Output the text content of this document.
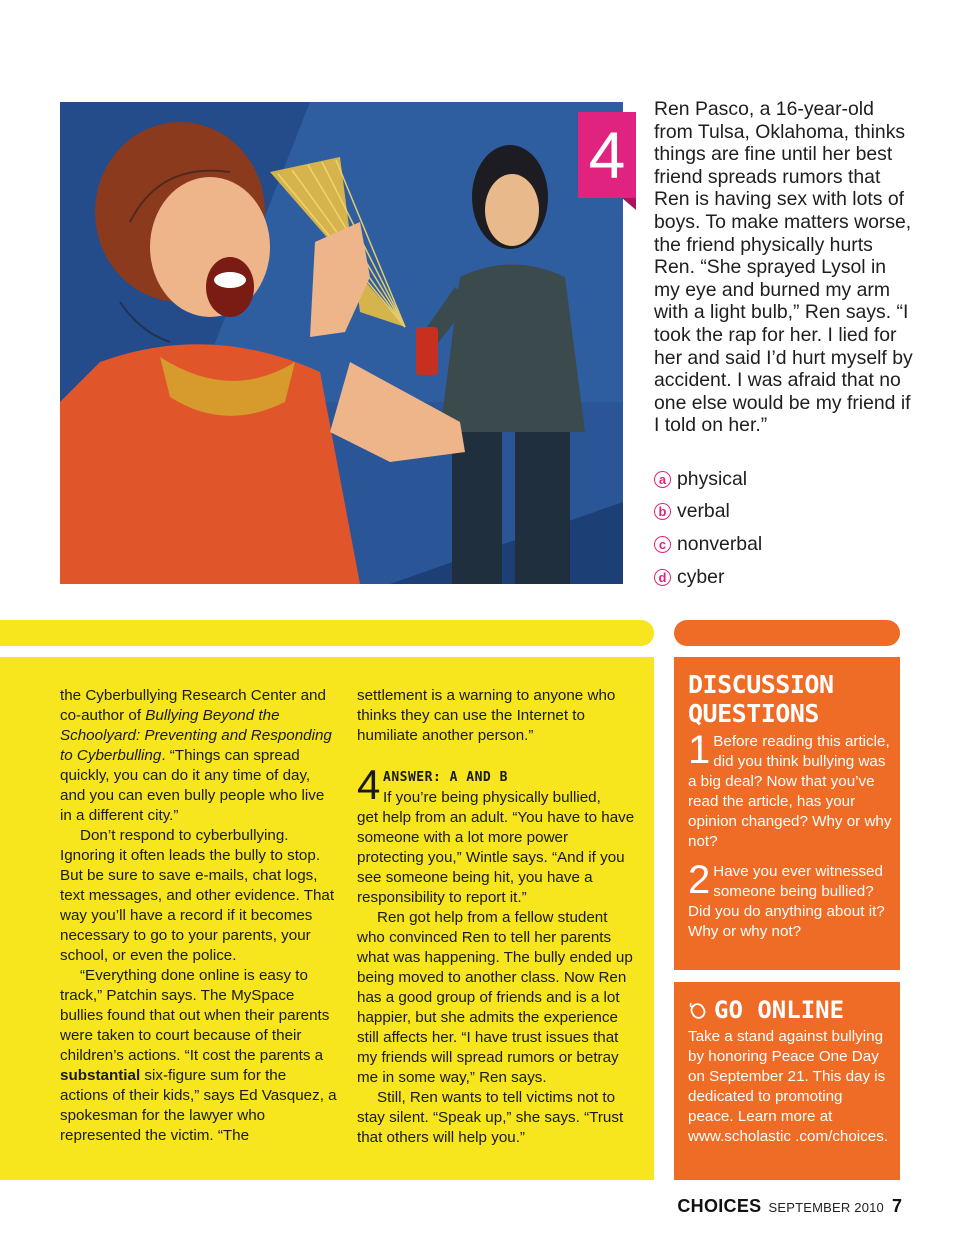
4

Ren Pasco, a 16-year-old from Tulsa, Oklahoma, thinks things are fine until her best friend spreads rumors that Ren is having sex with lots of boys. To make matters worse, the friend physically hurts Ren. “She sprayed Lysol in my eye and burned my arm with a light bulb,” Ren says. “I took the rap for her. I lied for her and said I’d hurt myself by accident. I was afraid that no one else would be my friend if I told on her.”

a physical
b verbal
c nonverbal
d cyber

the Cyberbullying Research Center and co-author of Bullying Beyond the Schoolyard: Preventing and Responding to Cyberbulling. “Things can spread quickly, you can do it any time of day, and you can even bully people who live in a different city.”

Don’t respond to cyberbullying. Ignoring it often leads the bully to stop. But be sure to save e-mails, chat logs, text messages, and other evidence. That way you’ll have a record if it becomes necessary to go to your parents, your school, or even the police.

“Everything done online is easy to track,” Patchin says. The MySpace bullies found that out when their parents were taken to court because of their children’s actions. “It cost the parents a substantial six-figure sum for the actions of their kids,” says Ed Vasquez, a spokesman for the lawyer who represented the victim. “The

settlement is a warning to anyone who thinks they can use the Internet to humiliate another person.”

4 ANSWER: A AND B

If you’re being physically bullied,

get help from an adult. “You have to have someone with a lot more power protecting you,” Wintle says. “And if you see someone being hit, you have a responsibility to report it.”

Ren got help from a fellow student who convinced Ren to tell her parents what was happening. The bully ended up being moved to another class. Now Ren has a good group of friends and is a lot happier, but she admits the experience still affects her. “I have trust issues that my friends will spread rumors or betray me in some way,” Ren says.

Still, Ren wants to tell victims not to stay silent. “Speak up,” she says. “Trust that others will help you.”

DISCUSSION QUESTIONS
1 Before reading this article, did you think bullying was a big deal? Now that you’ve read the article, has your opinion changed? Why or why not?
2 Have you ever witnessed someone being bullied? Did you do anything about it? Why or why not?
GO ONLINE
Take a stand against bullying by honoring Peace One Day on September 21. This day is dedicated to promoting peace. Learn more at www.scholastic .com/choices.
CHOICES SEPTEMBER 2010 7
